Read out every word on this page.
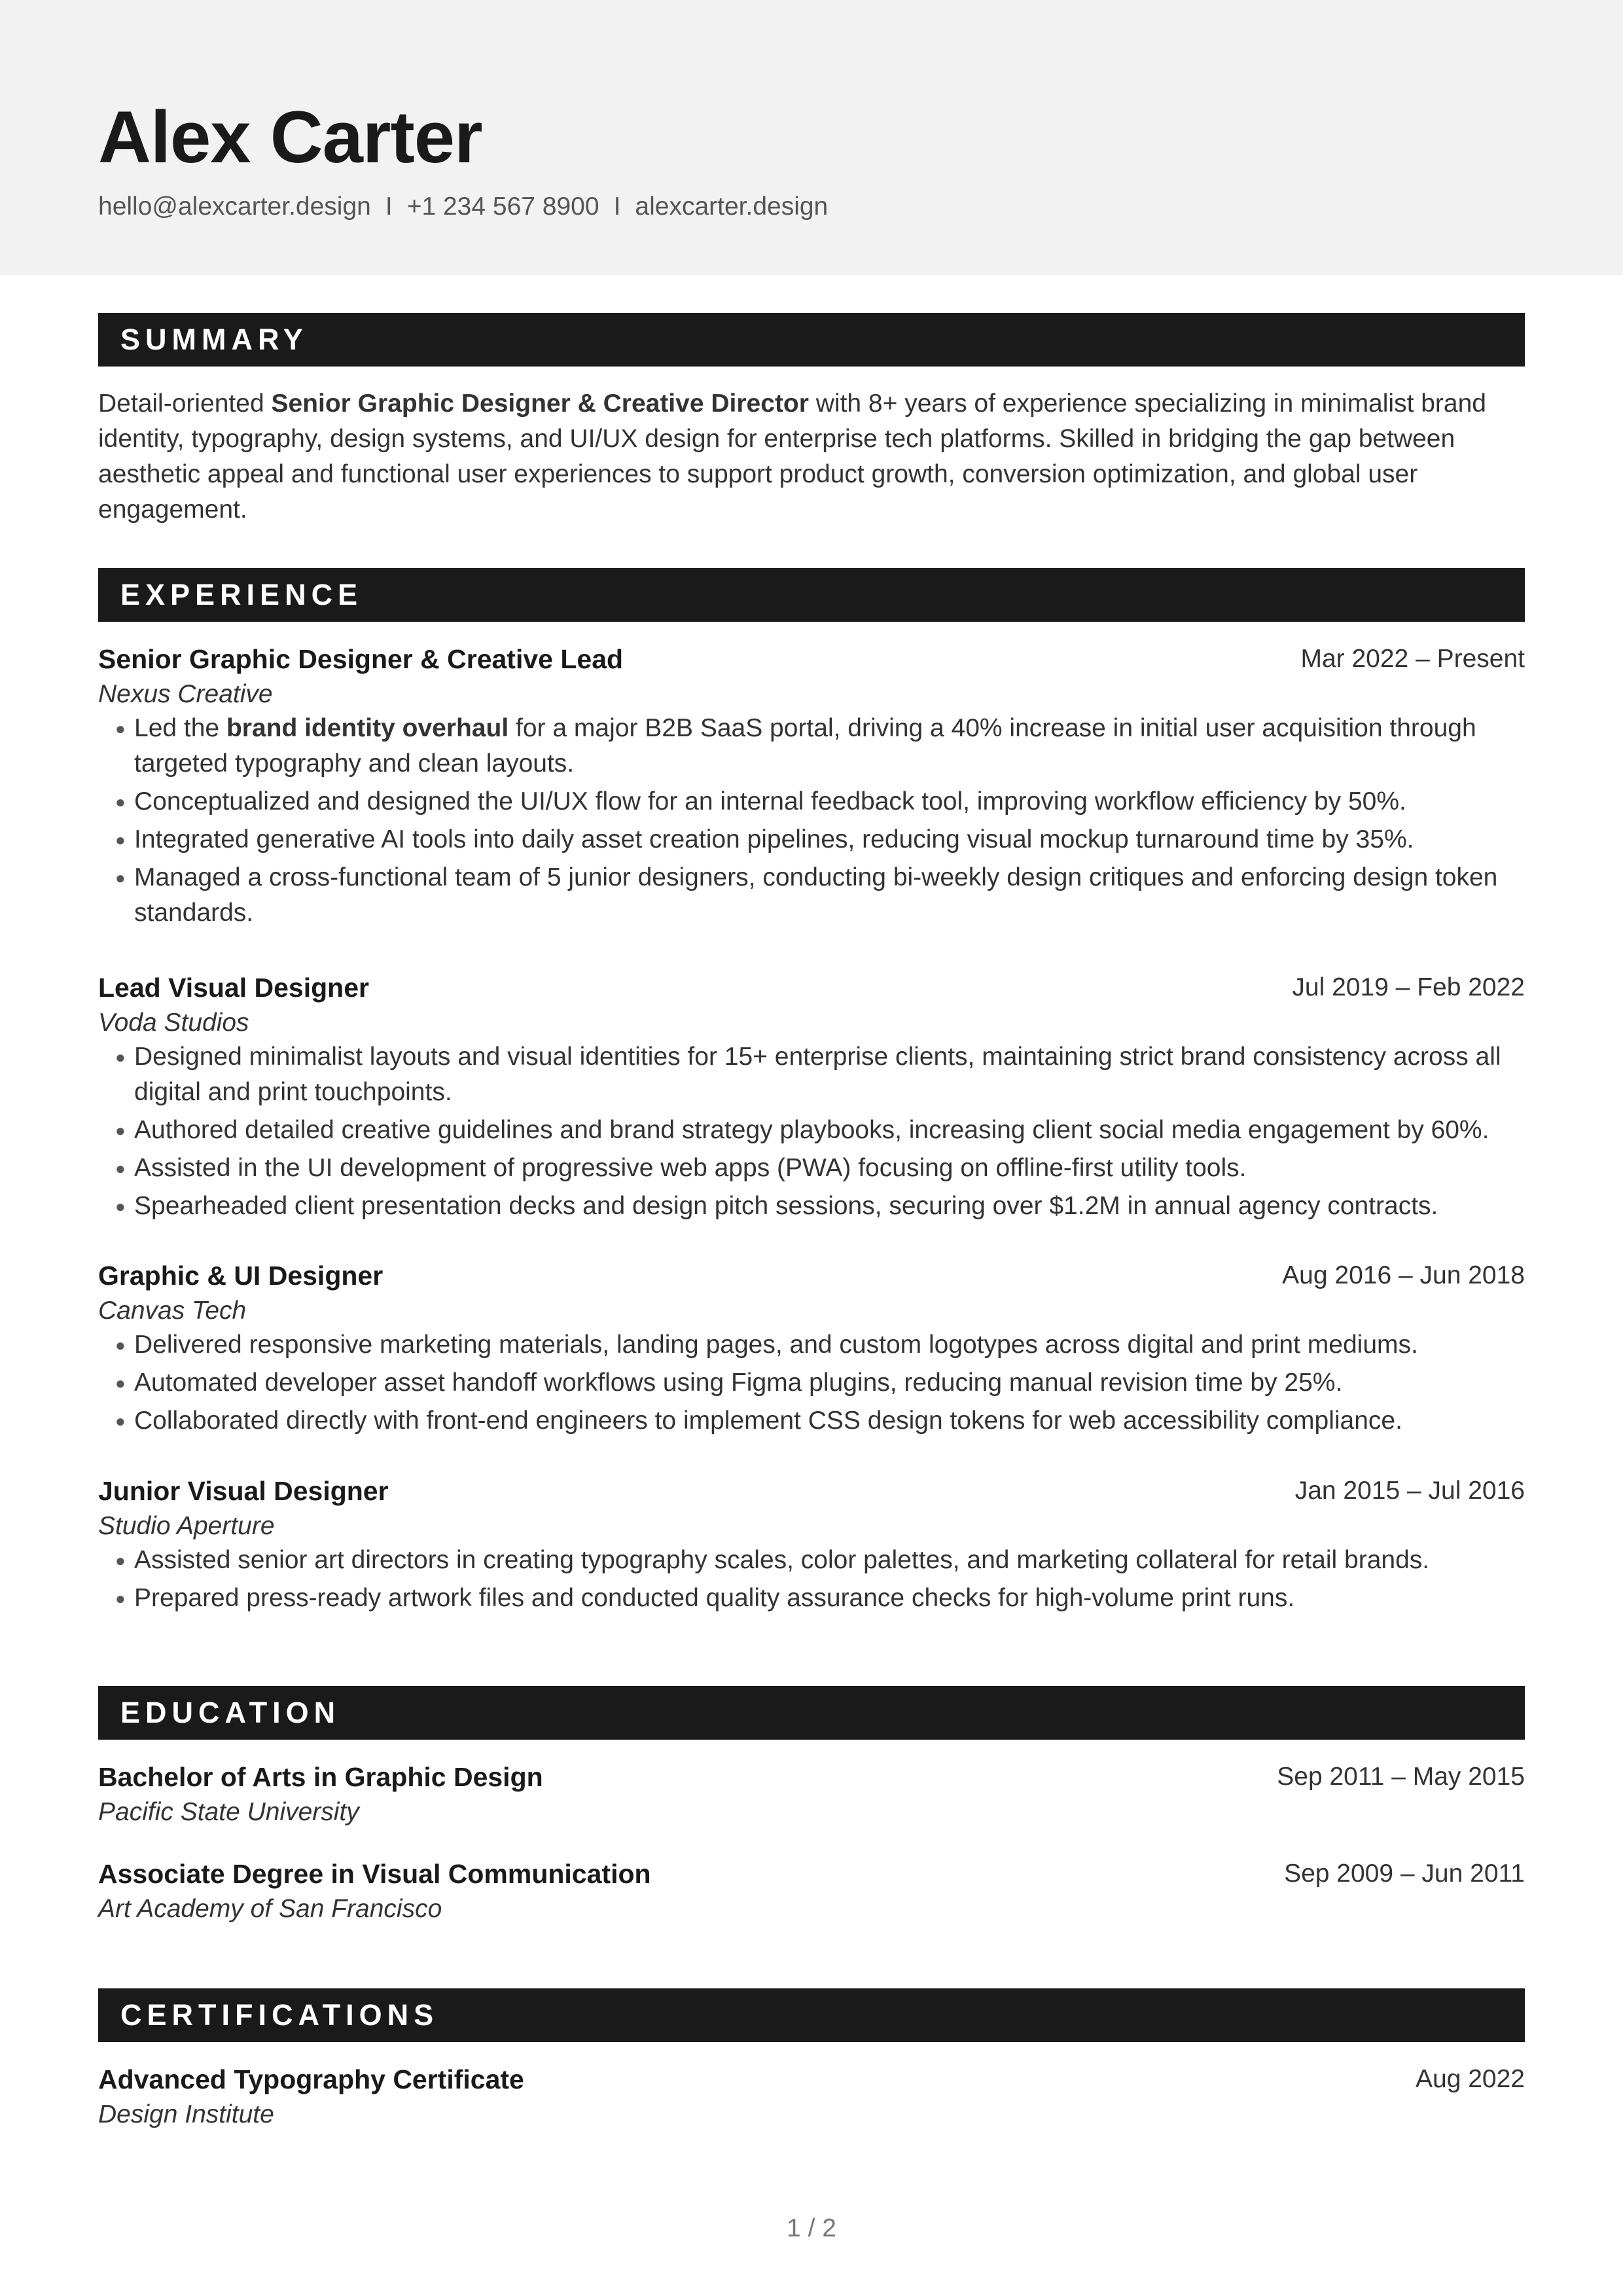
Alex Carter
hello@alexcarter.design I +1 234 567 8900 I alexcarter.design
SUMMARY

Detail-oriented Senior Graphic Designer & Creative Director with 8+ years of experience specializing in minimalist brand identity, typography, design systems, and UI/UX design for enterprise tech platforms. Skilled in bridging the gap between aesthetic appeal and functional user experiences to support product growth, conversion optimization, and global user engagement.

EXPERIENCE
Senior Graphic Designer & Creative Lead	Mar 2022 – Present
Nexus Creative
● Led the brand identity overhaul for a major B2B SaaS portal, driving a 40% increase in initial user acquisition through targeted typography and clean layouts.
● Conceptualized and designed the UI/UX flow for an internal feedback tool, improving workflow efficiency by 50%.
● Integrated generative AI tools into daily asset creation pipelines, reducing visual mockup turnaround time by 35%.
● Managed a cross-functional team of 5 junior designers, conducting bi-weekly design critiques and enforcing design token standards.
Lead Visual Designer	Jul 2019 – Feb 2022
Voda Studios
● Designed minimalist layouts and visual identities for 15+ enterprise clients, maintaining strict brand consistency across all digital and print touchpoints.
● Authored detailed creative guidelines and brand strategy playbooks, increasing client social media engagement by 60%.
● Assisted in the UI development of progressive web apps (PWA) focusing on offline-first utility tools.
● Spearheaded client presentation decks and design pitch sessions, securing over $1.2M in annual agency contracts.
Graphic & UI Designer	Aug 2016 – Jun 2018
Canvas Tech
● Delivered responsive marketing materials, landing pages, and custom logotypes across digital and print mediums.
● Automated developer asset handoff workflows using Figma plugins, reducing manual revision time by 25%.
● Collaborated directly with front-end engineers to implement CSS design tokens for web accessibility compliance.
Junior Visual Designer	Jan 2015 – Jul 2016
Studio Aperture
● Assisted senior art directors in creating typography scales, color palettes, and marketing collateral for retail brands.
● Prepared press-ready artwork files and conducted quality assurance checks for high-volume print runs.
EDUCATION
Bachelor of Arts in Graphic Design	Sep 2011 – May 2015
Pacific State University
Associate Degree in Visual Communication	Sep 2009 – Jun 2011
Art Academy of San Francisco
CERTIFICATIONS
Advanced Typography Certificate	Aug 2022
Design Institute
1 / 2
